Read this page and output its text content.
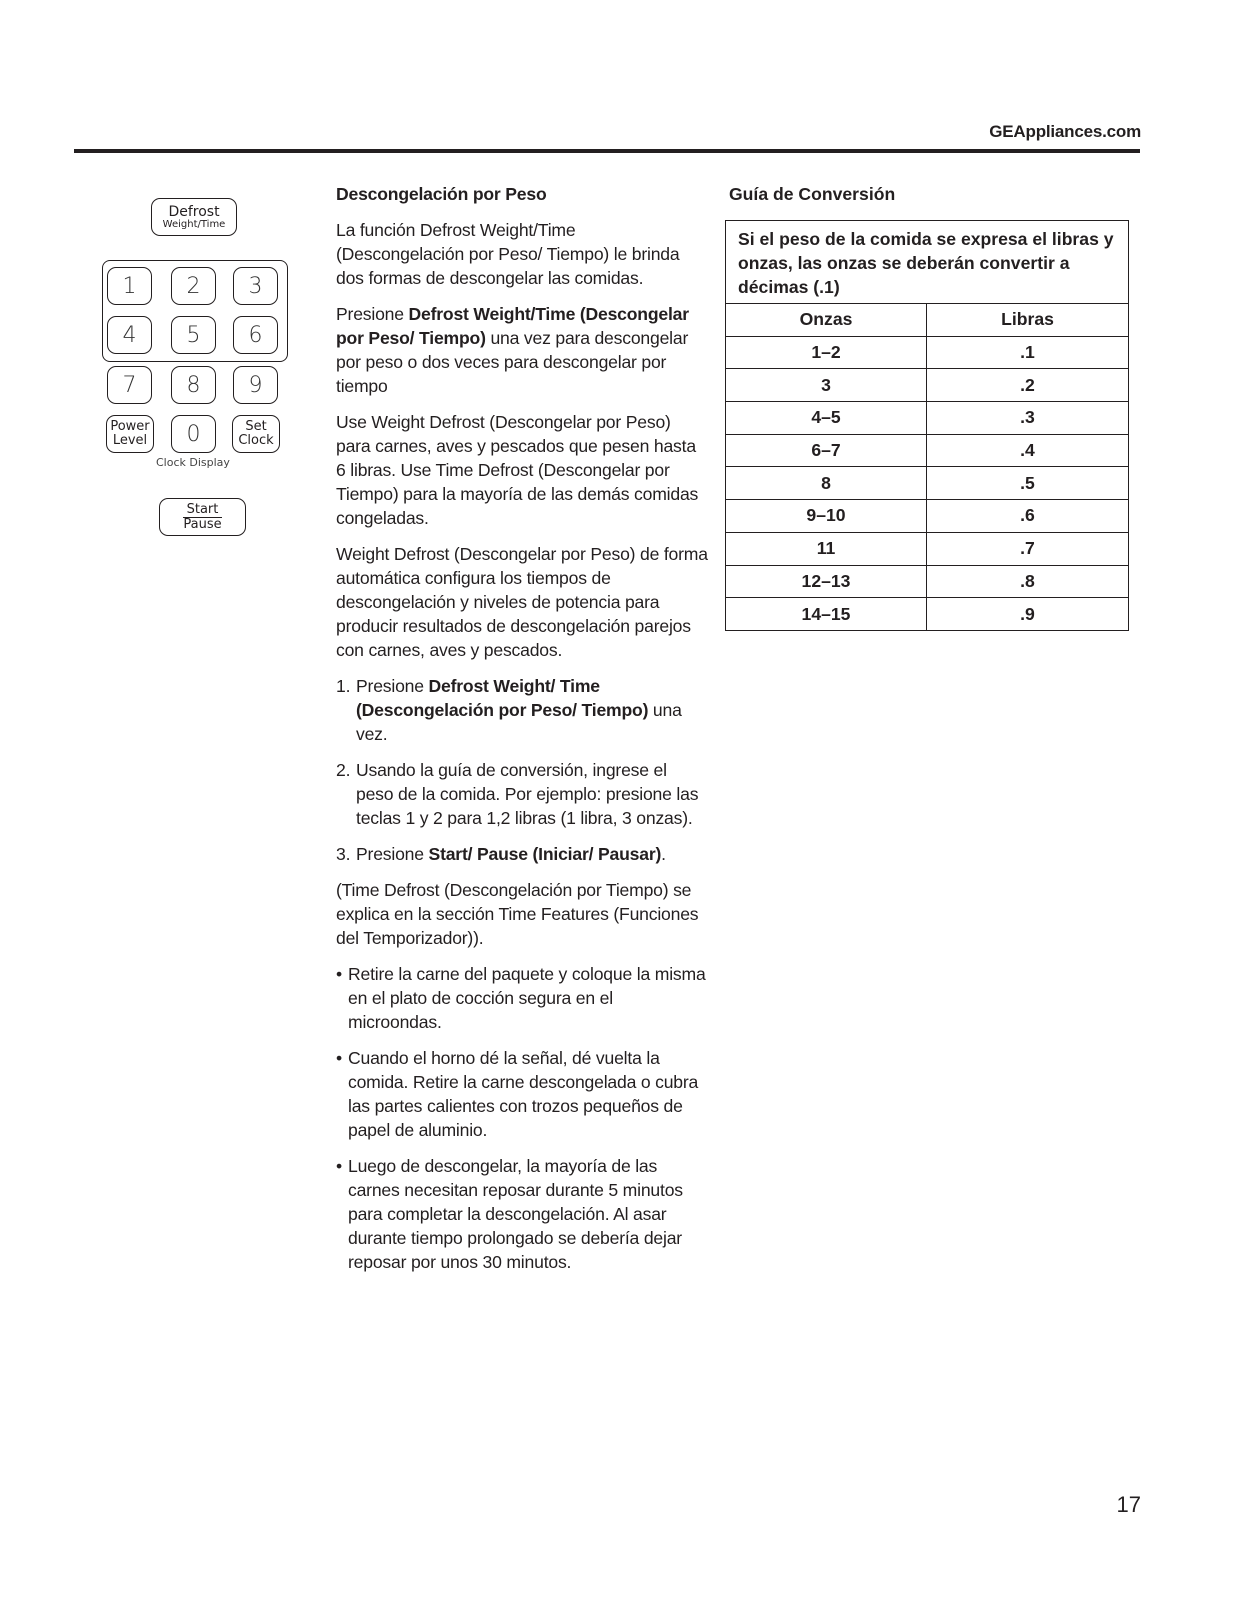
GEAppliances.com
Defrost
Weight/Time
1 2 3
4 5 6
7 8 9
Power
Level 0	Set
Clock
Clock Display
Start
Pause
Descongelación por Peso

La función Defrost Weight/Time (Descongelación por Peso/ Tiempo) le brinda dos formas de descongelar las comidas.

Presione Defrost Weight/Time (Descongelar por Peso/ Tiempo) una vez para descongelar por peso o dos veces para descongelar por tiempo

Use Weight Defrost (Descongelar por Peso) para carnes, aves y pescados que pesen hasta 6 libras. Use Time Defrost (Descongelar por Tiempo) para la mayoría de las demás comidas congeladas.

Weight Defrost (Descongelar por Peso) de forma automática configura los tiempos de descongelación y niveles de potencia para producir resultados de descongelación parejos con carnes, aves y pescados.

1. Presione Defrost Weight/ Time (Descongelación por Peso/ Tiempo) una vez.
2. Usando la guía de conversión, ingrese el peso de la comida. Por ejemplo: presione las teclas 1 y 2 para 1,2 libras (1 libra, 3 onzas).
3. Presione Start/ Pause (Iniciar/ Pausar).

(Time Defrost (Descongelación por Tiempo) se explica en la sección Time Features (Funciones del Temporizador)).

• Retire la carne del paquete y coloque la misma en el plato de cocción segura en el microondas.
• Cuando el horno dé la señal, dé vuelta la comida. Retire la carne descongelada o cubra las partes calientes con trozos pequeños de papel de aluminio.
• Luego de descongelar, la mayoría de las carnes necesitan reposar durante 5 minutos para completar la descongelación. Al asar durante tiempo prolongado se debería dejar reposar por unos 30 minutos.
Guía de Conversión
Si el peso de la comida se expresa el libras y onzas, las onzas se deberán convertir a décimas (.1)
Onzas	Libras
1–2	.1
3	.2
4–5	.3
6–7	.4
8	.5
9–10	.6
11	.7
12–13	.8
14–15	.9
17
